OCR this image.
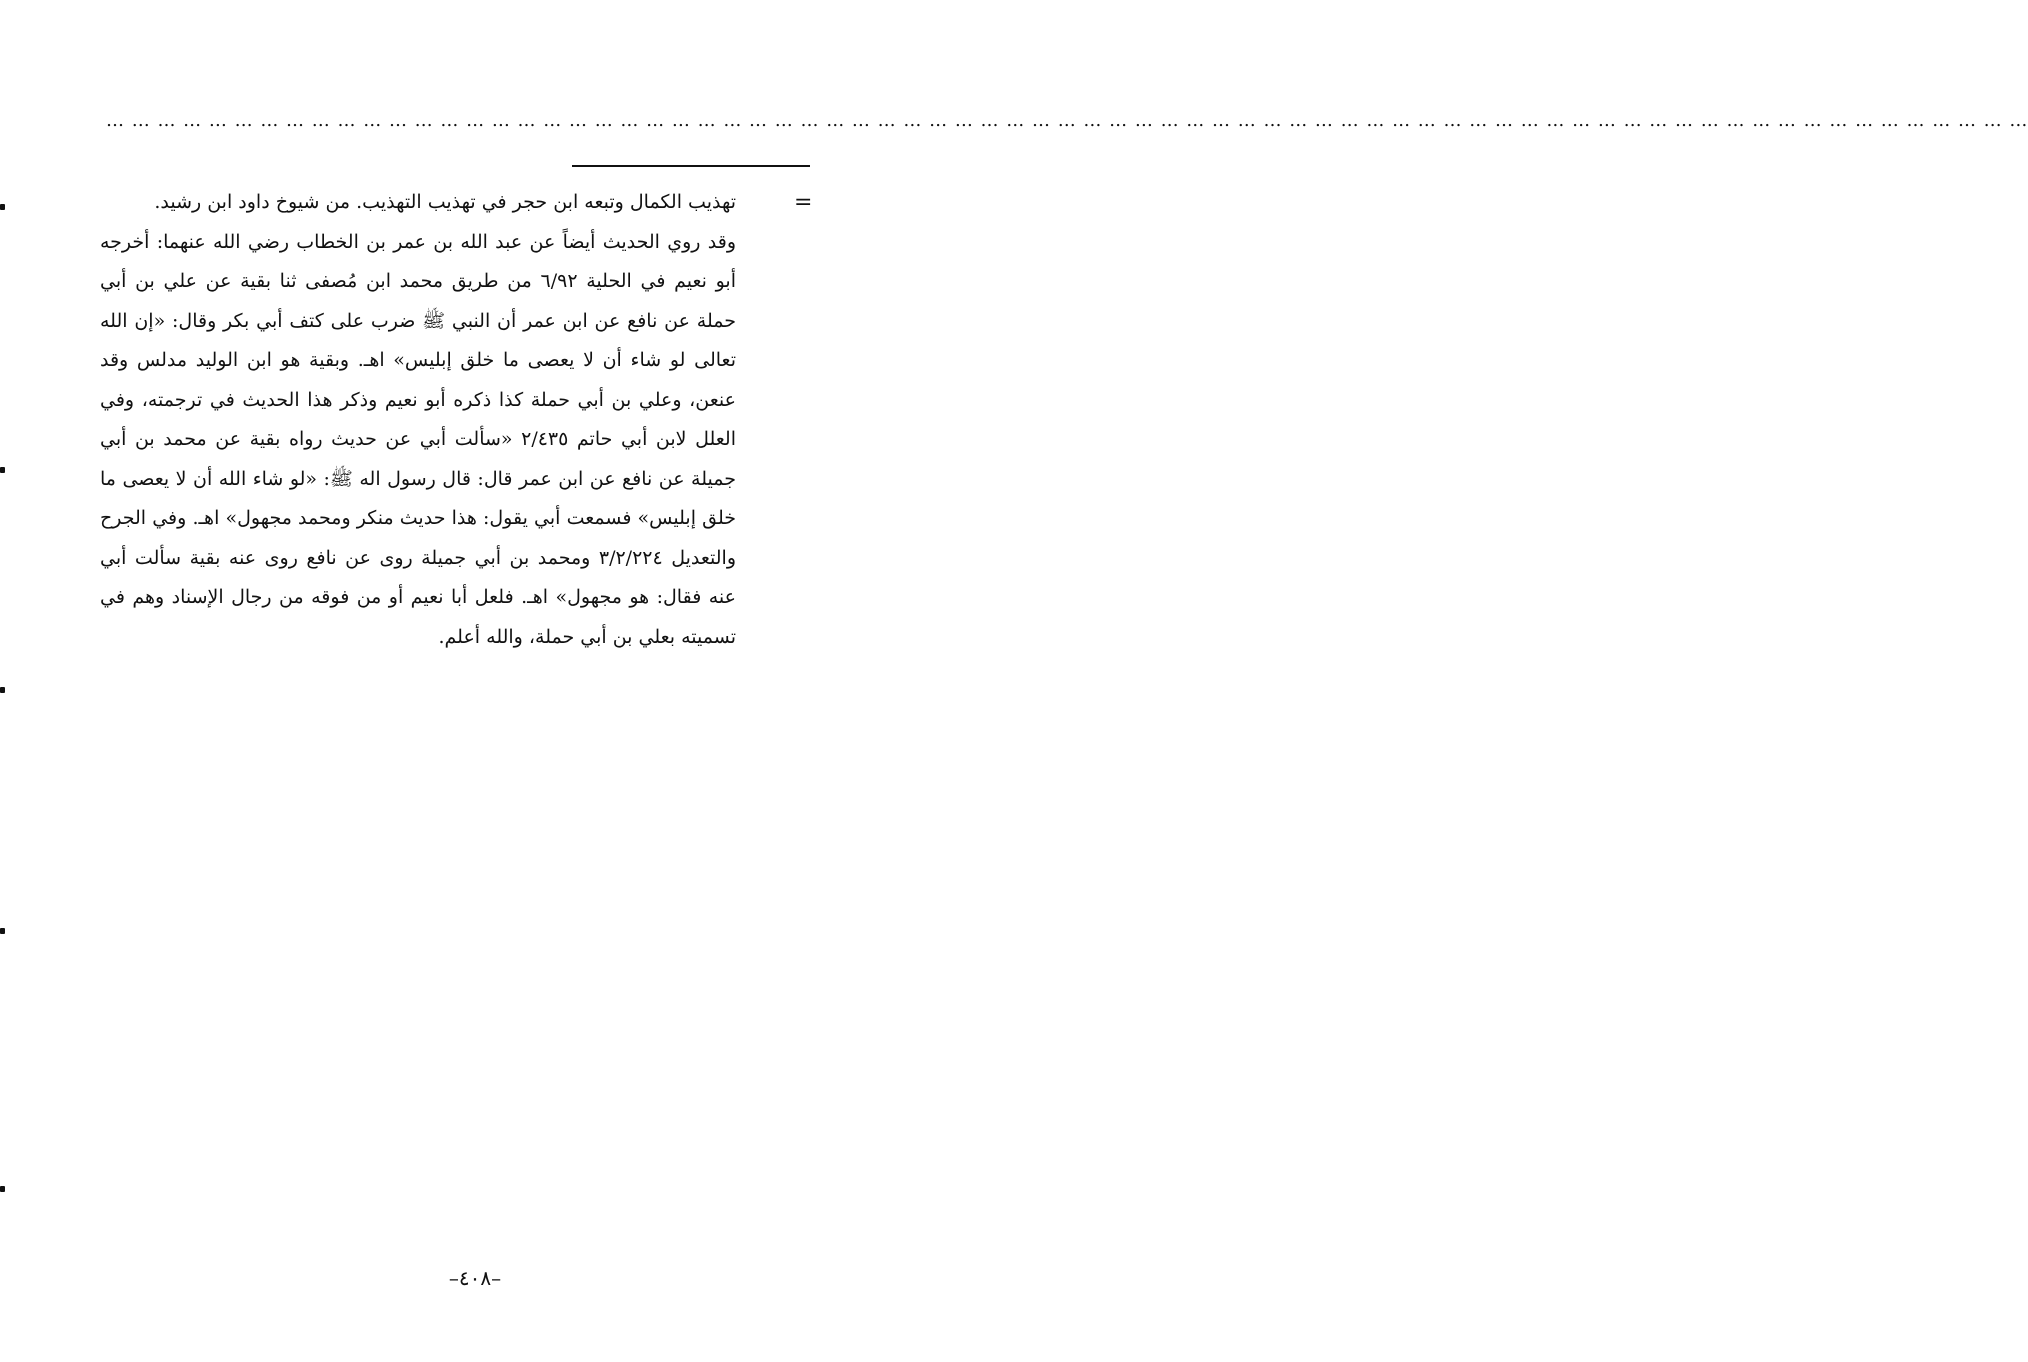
… … … … … … … … … … … … … … … … … … … … … … … … … … … … … … … … … … … … … … … … … … … … … … … … … … … … … … … … … … … … … … … … … … … … … … … … … … …
=

تهذيب الكمال وتبعه ابن حجر في تهذيب التهذيب. من شيوخ داود ابن رشيد.

وقد روي الحديث أيضاً عن عبد الله بن عمر بن الخطاب رضي الله عنهما: أخرجه أبو نعيم في الحلية ٦/٩٢ من طريق محمد ابن مُصفى ثنا بقية عن علي بن أبي حملة عن نافع عن ابن عمر أن النبي ﷺ ضرب على كتف أبي بكر وقال: «إن الله تعالى لو شاء أن لا يعصى ما خلق إبليس» اهـ. وبقية هو ابن الوليد مدلس وقد عنعن، وعلي بن أبي حملة كذا ذكره أبو نعيم وذكر هذا الحديث في ترجمته، وفي العلل لابن أبي حاتم ٢/٤٣٥ «سألت أبي عن حديث رواه بقية عن محمد بن أبي جميلة عن نافع عن ابن عمر قال: قال رسول اله ﷺ: «لو شاء الله أن لا يعصى ما خلق إبليس» فسمعت أبي يقول: هذا حديث منكر ومحمد مجهول» اهـ. وفي الجرح والتعديل ٣/٢/٢٢٤ ومحمد بن أبي جميلة روى عن نافع روى عنه بقية سألت أبي عنه فقال: هو مجهول» اهـ. فلعل أبا نعيم أو من فوقه من رجال الإسناد وهم في تسميته بعلي بن أبي حملة، والله أعلم.

–٤٠٨–
